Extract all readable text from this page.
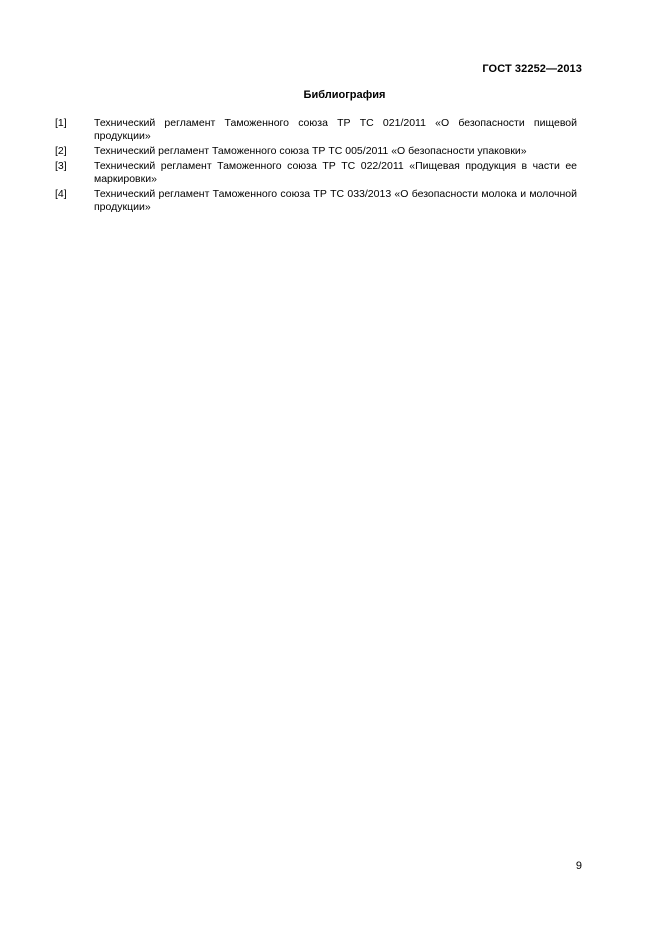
ГОСТ 32252—2013
Библиография
[1]	Технический регламент Таможенного союза ТР ТС 021/2011 «О безопасности пищевой продукции»
[2]	Технический регламент Таможенного союза ТР ТС 005/2011 «О безопасности упаковки»
[3]	Технический регламент Таможенного союза ТР ТС 022/2011 «Пищевая продукция в части ее маркировки»
[4]	Технический регламент Таможенного союза ТР ТС 033/2013 «О безопасности молока и молочной продукции»
9
